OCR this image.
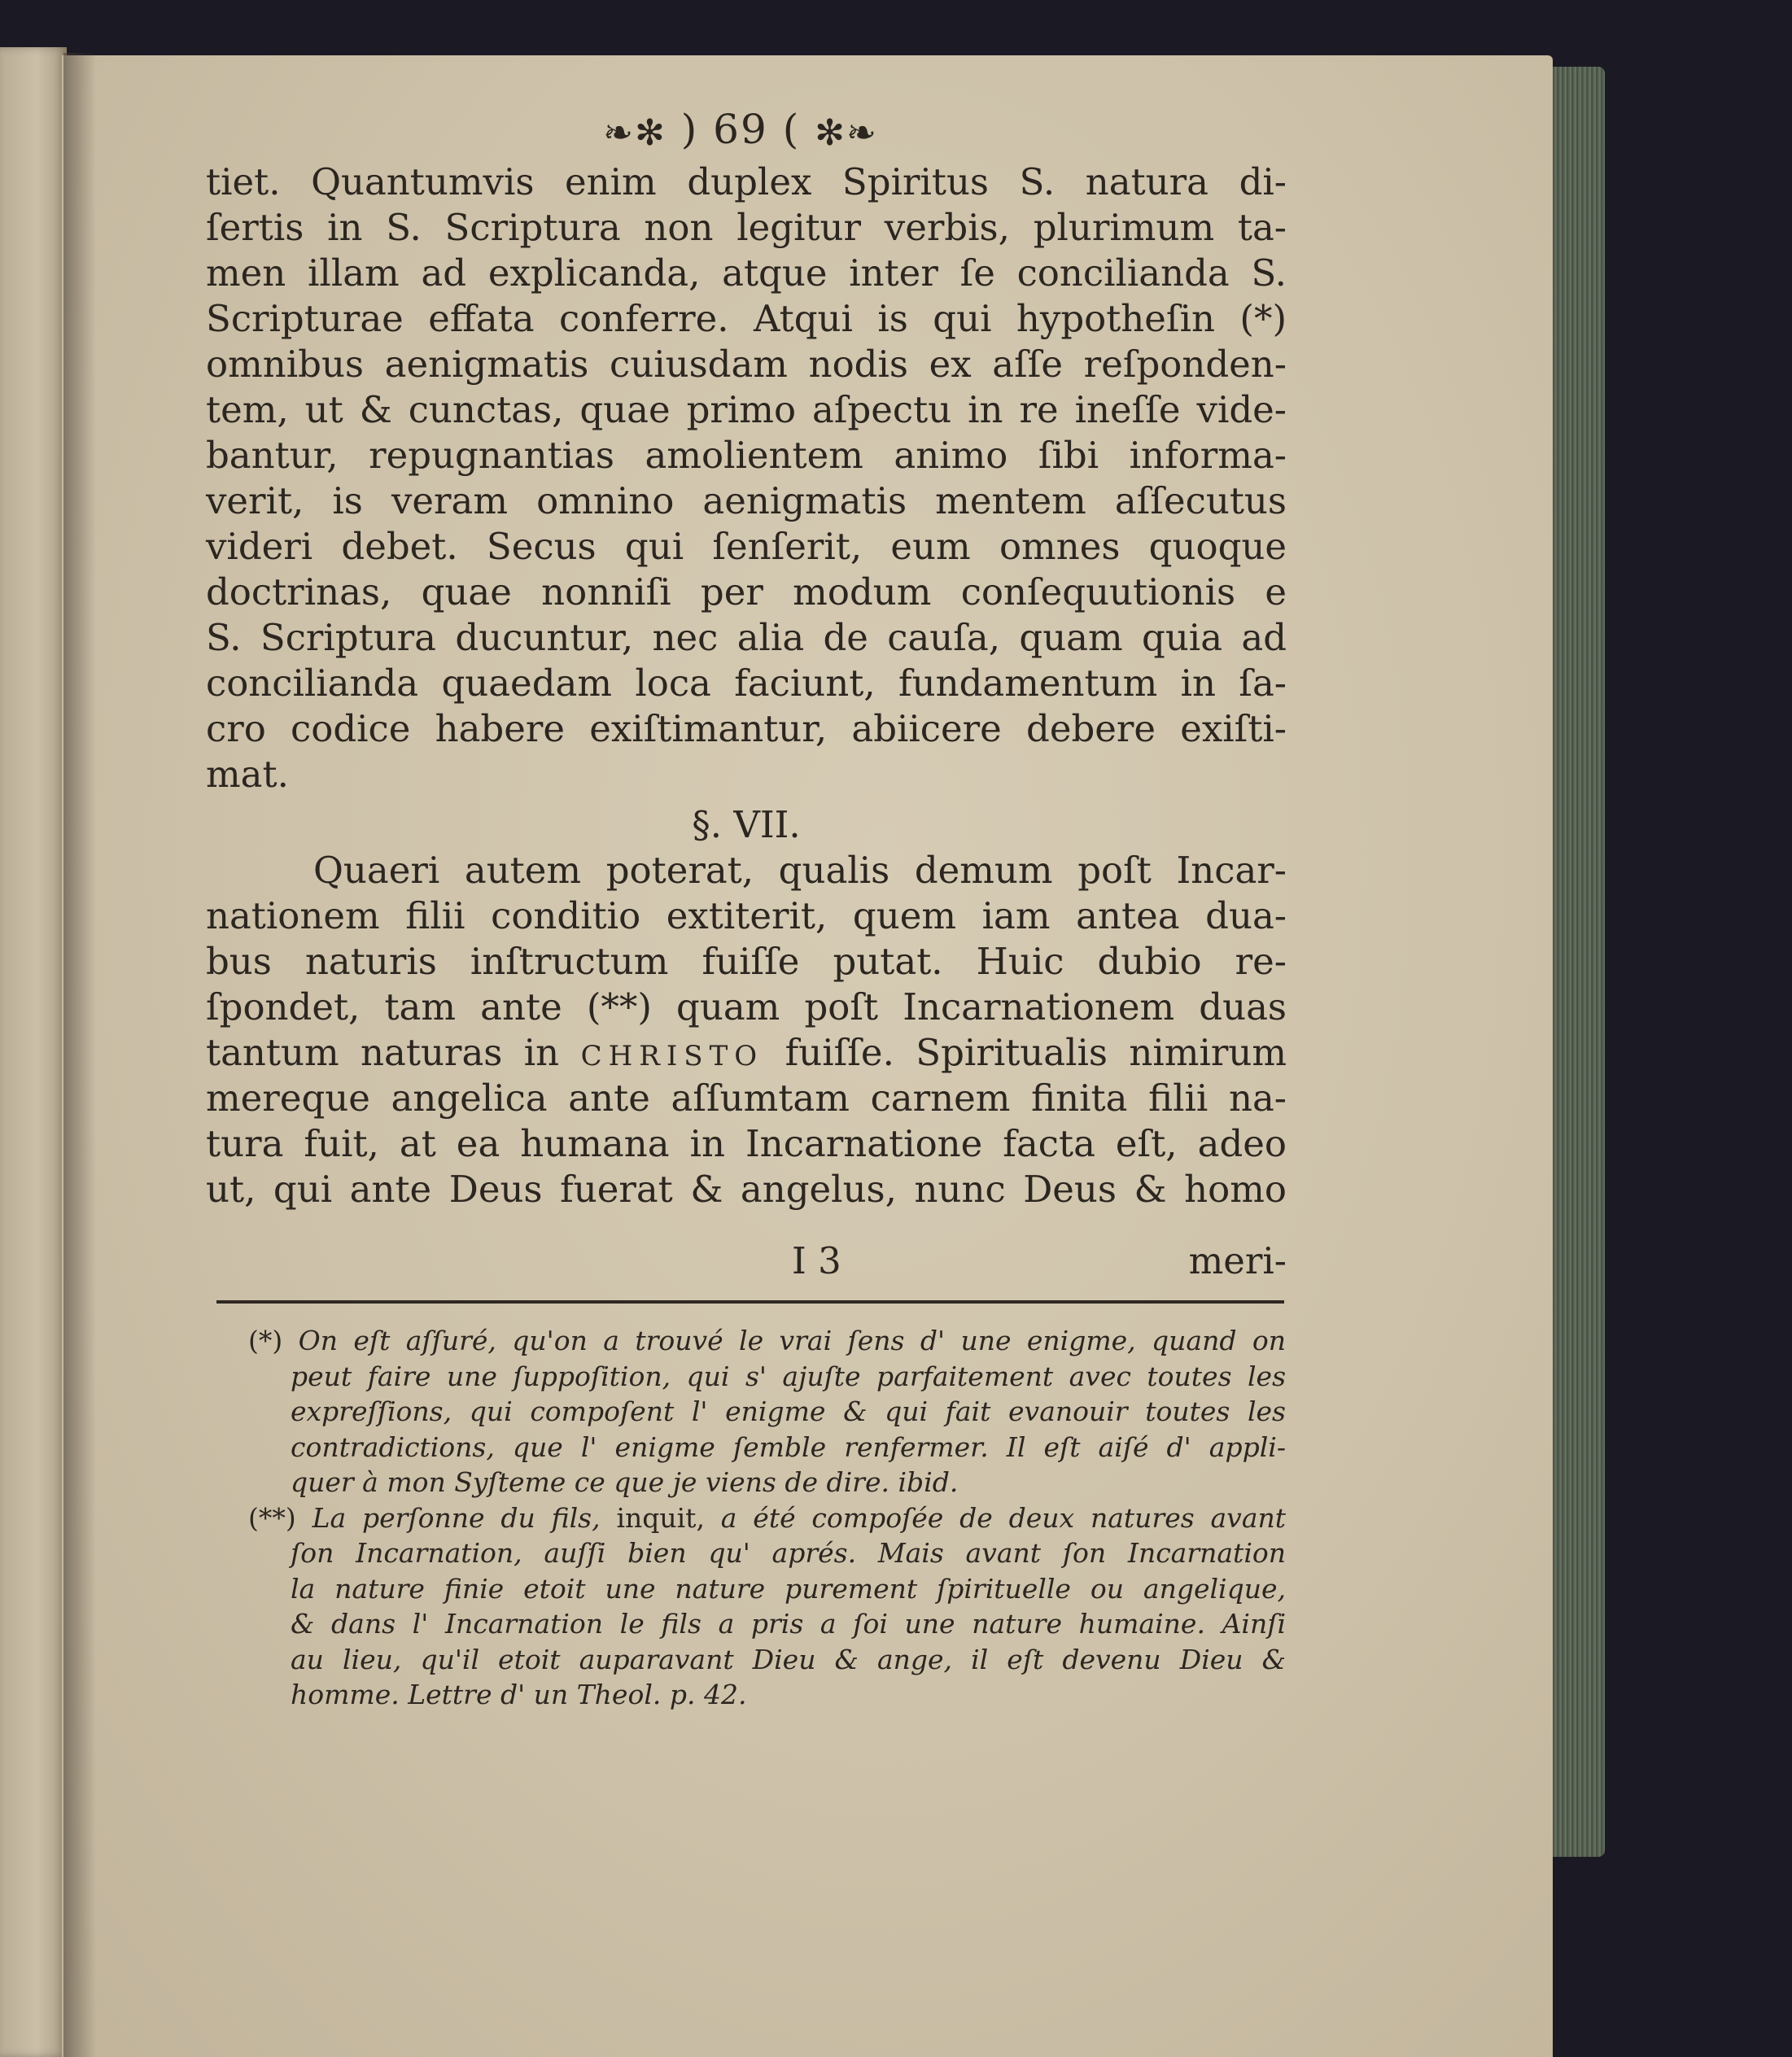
❧✻ ) 69 ( ✻❧
tiet. Quantumvis enim duplex Spiritus S. natura di-
ſertis in S. Scriptura non legitur verbis, plurimum ta-
men illam ad explicanda, atque inter ſe concilianda S.
Scripturae effata conferre. Atqui is qui hypotheſin (*)
omnibus aenigmatis cuiusdam nodis ex aſſe reſponden-
tem, ut & cunctas, quae primo aſpectu in re ineſſe vide-
bantur, repugnantias amolientem animo ſibi informa-
verit, is veram omnino aenigmatis mentem aſſecutus
videri debet. Secus qui ſenſerit, eum omnes quoque
doctrinas, quae nonniſi per modum conſequutionis e
S. Scriptura ducuntur, nec alia de cauſa, quam quia ad
concilianda quaedam loca faciunt, fundamentum in ſa-
cro codice habere exiſtimantur, abiicere debere exiſti-
mat.
§. VII.
Quaeri autem poterat, qualis demum poſt Incar-
nationem filii conditio extiterit, quem iam antea dua-
bus naturis inſtructum fuiſſe putat. Huic dubio re-
ſpondet, tam ante (**) quam poſt Incarnationem duas
tantum naturas in CHRISTO fuiſſe. Spiritualis nimirum
mereque angelica ante aſſumtam carnem finita filii na-
tura fuit, at ea humana in Incarnatione facta eſt, adeo
ut, qui ante Deus fuerat & angelus, nunc Deus & homo
I 3	meri-
(*) On eſt aſſuré, qu'on a trouvé le vrai ſens d' une enigme, quand on
peut faire une ſuppoſition, qui s' ajuſte parfaitement avec toutes les
expreſſions, qui compoſent l' enigme & qui fait evanouir toutes les
contradictions, que l' enigme ſemble renfermer. Il eſt aiſé d' appli-
quer à mon Syſteme ce que je viens de dire. ibid.
(**) La perſonne du fils, inquit, a été compoſée de deux natures avant
ſon Incarnation, auſſi bien qu' aprés. Mais avant ſon Incarnation
la nature finie etoit une nature purement ſpirituelle ou angelique,
& dans l' Incarnation le fils a pris a ſoi une nature humaine. Ainſi
au lieu, qu'il etoit auparavant Dieu & ange, il eſt devenu Dieu &
homme. Lettre d' un Theol. p. 42.
